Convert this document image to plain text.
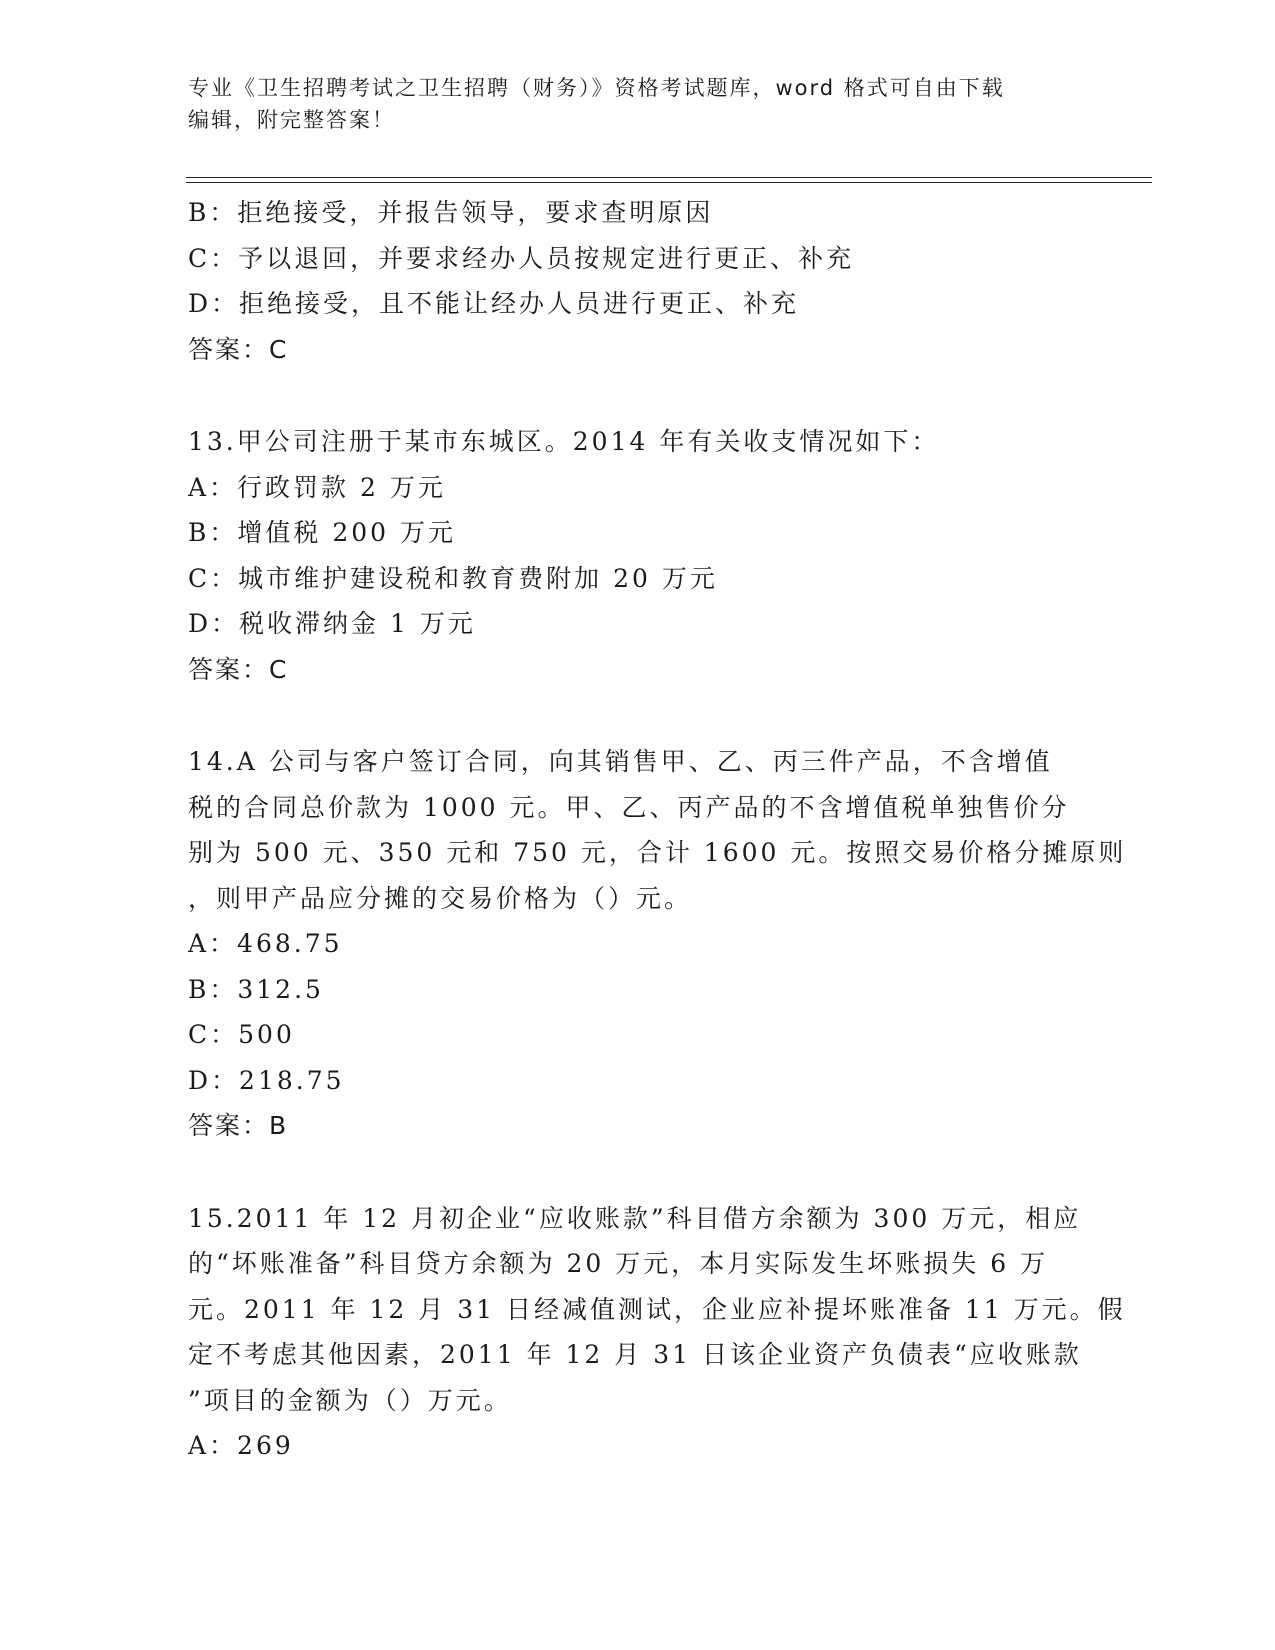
专业《卫生招聘考试之卫生招聘（财务）》资格考试题库，word 格式可自由下载
编辑，附完整答案！
B：拒绝接受，并报告领导，要求查明原因
C：予以退回，并要求经办人员按规定进行更正、补充
D：拒绝接受，且不能让经办人员进行更正、补充
答案：C
13.甲公司注册于某市东城区。2014 年有关收支情况如下：
A：行政罚款 2 万元
B：增值税 200 万元
C：城市维护建设税和教育费附加 20 万元
D：税收滞纳金 1 万元
答案：C
14.A 公司与客户签订合同，向其销售甲、乙、丙三件产品，不含增值
税的合同总价款为 1000 元。甲、乙、丙产品的不含增值税单独售价分
别为 500 元、350 元和 750 元，合计 1600 元。按照交易价格分摊原则
，则甲产品应分摊的交易价格为（）元。
A：468.75
B：312.5
C：500
D：218.75
答案：B
15.2011 年 12 月初企业“应收账款”科目借方余额为 300 万元，相应
的“坏账准备”科目贷方余额为 20 万元，本月实际发生坏账损失 6 万
元。2011 年 12 月 31 日经减值测试，企业应补提坏账准备 11 万元。假
定不考虑其他因素，2011 年 12 月 31 日该企业资产负债表“应收账款
”项目的金额为（）万元。
A：269
